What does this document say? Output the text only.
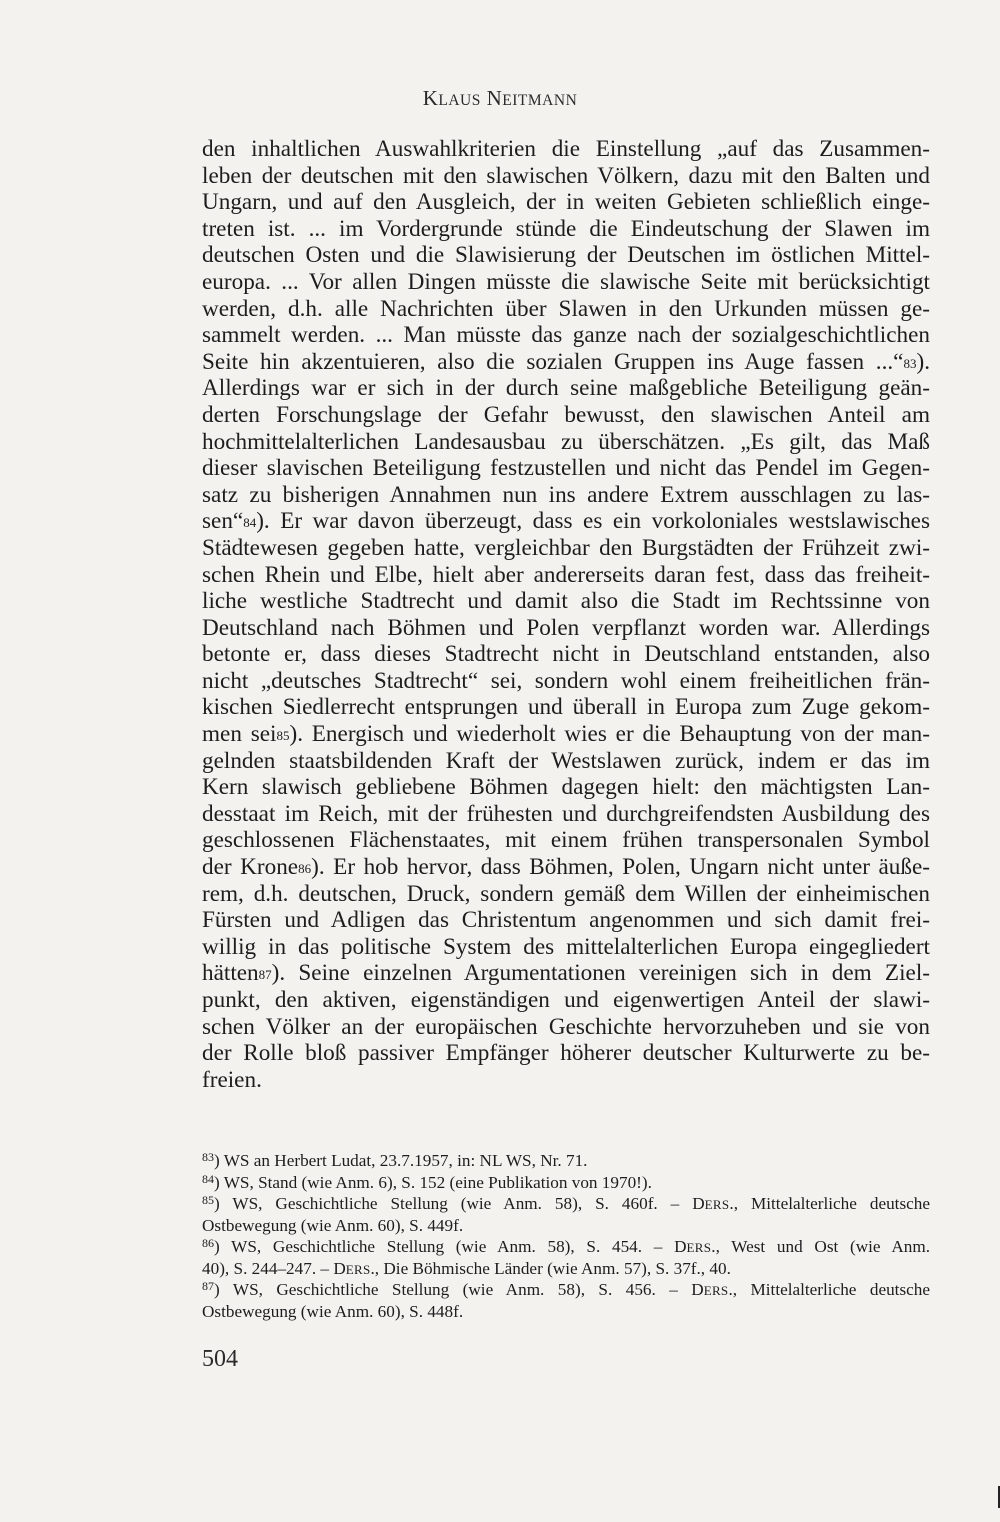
KLAUS NEITMANN
den inhaltlichen Auswahlkriterien die Einstellung „auf das Zusammen-
leben der deutschen mit den slawischen Völkern, dazu mit den Balten und
Ungarn, und auf den Ausgleich, der in weiten Gebieten schließlich einge-
treten ist. ... im Vordergrunde stünde die Eindeutschung der Slawen im
deutschen Osten und die Slawisierung der Deutschen im östlichen Mittel-
europa. ... Vor allen Dingen müsste die slawische Seite mit berücksichtigt
werden, d.h. alle Nachrichten über Slawen in den Urkunden müssen ge-
sammelt werden. ... Man müsste das ganze nach der sozialgeschichtlichen
Seite hin akzentuieren, also die sozialen Gruppen ins Auge fassen ...“83).
Allerdings war er sich in der durch seine maßgebliche Beteiligung geän-
derten Forschungslage der Gefahr bewusst, den slawischen Anteil am
hochmittelalterlichen Landesausbau zu überschätzen. „Es gilt, das Maß
dieser slavischen Beteiligung festzustellen und nicht das Pendel im Gegen-
satz zu bisherigen Annahmen nun ins andere Extrem ausschlagen zu las-
sen“84). Er war davon überzeugt, dass es ein vorkoloniales westslawisches
Städtewesen gegeben hatte, vergleichbar den Burgstädten der Frühzeit zwi-
schen Rhein und Elbe, hielt aber andererseits daran fest, dass das freiheit-
liche westliche Stadtrecht und damit also die Stadt im Rechtssinne von
Deutschland nach Böhmen und Polen verpflanzt worden war. Allerdings
betonte er, dass dieses Stadtrecht nicht in Deutschland entstanden, also
nicht „deutsches Stadtrecht“ sei, sondern wohl einem freiheitlichen frän-
kischen Siedlerrecht entsprungen und überall in Europa zum Zuge gekom-
men sei85). Energisch und wiederholt wies er die Behauptung von der man-
gelnden staatsbildenden Kraft der Westslawen zurück, indem er das im
Kern slawisch gebliebene Böhmen dagegen hielt: den mächtigsten Lan-
desstaat im Reich, mit der frühesten und durchgreifendsten Ausbildung des
geschlossenen Flächenstaates, mit einem frühen transpersonalen Symbol
der Krone86). Er hob hervor, dass Böhmen, Polen, Ungarn nicht unter äuße-
rem, d.h. deutschen, Druck, sondern gemäß dem Willen der einheimischen
Fürsten und Adligen das Christentum angenommen und sich damit frei-
willig in das politische System des mittelalterlichen Europa eingegliedert
hätten87). Seine einzelnen Argumentationen vereinigen sich in dem Ziel-
punkt, den aktiven, eigenständigen und eigenwertigen Anteil der slawi-
schen Völker an der europäischen Geschichte hervorzuheben und sie von
der Rolle bloß passiver Empfänger höherer deutscher Kulturwerte zu be-
freien.
$^{83}$) WS an Herbert Ludat, 23.7.1957, in: NL WS, Nr. 71.
$^{84}$) WS, Stand (wie Anm. 6), S. 152 (eine Publikation von 1970!).
$^{85}$) WS, Geschichtliche Stellung (wie Anm. 58), S. 460f. – DERS., Mittelalterliche deutsche
Ostbewegung (wie Anm. 60), S. 449f.
$^{86}$) WS, Geschichtliche Stellung (wie Anm. 58), S. 454. – DERS., West und Ost (wie Anm.
40), S. 244–247. – DERS., Die Böhmische Länder (wie Anm. 57), S. 37f., 40.
$^{87}$) WS, Geschichtliche Stellung (wie Anm. 58), S. 456. – DERS., Mittelalterliche deutsche
Ostbewegung (wie Anm. 60), S. 448f.
504
